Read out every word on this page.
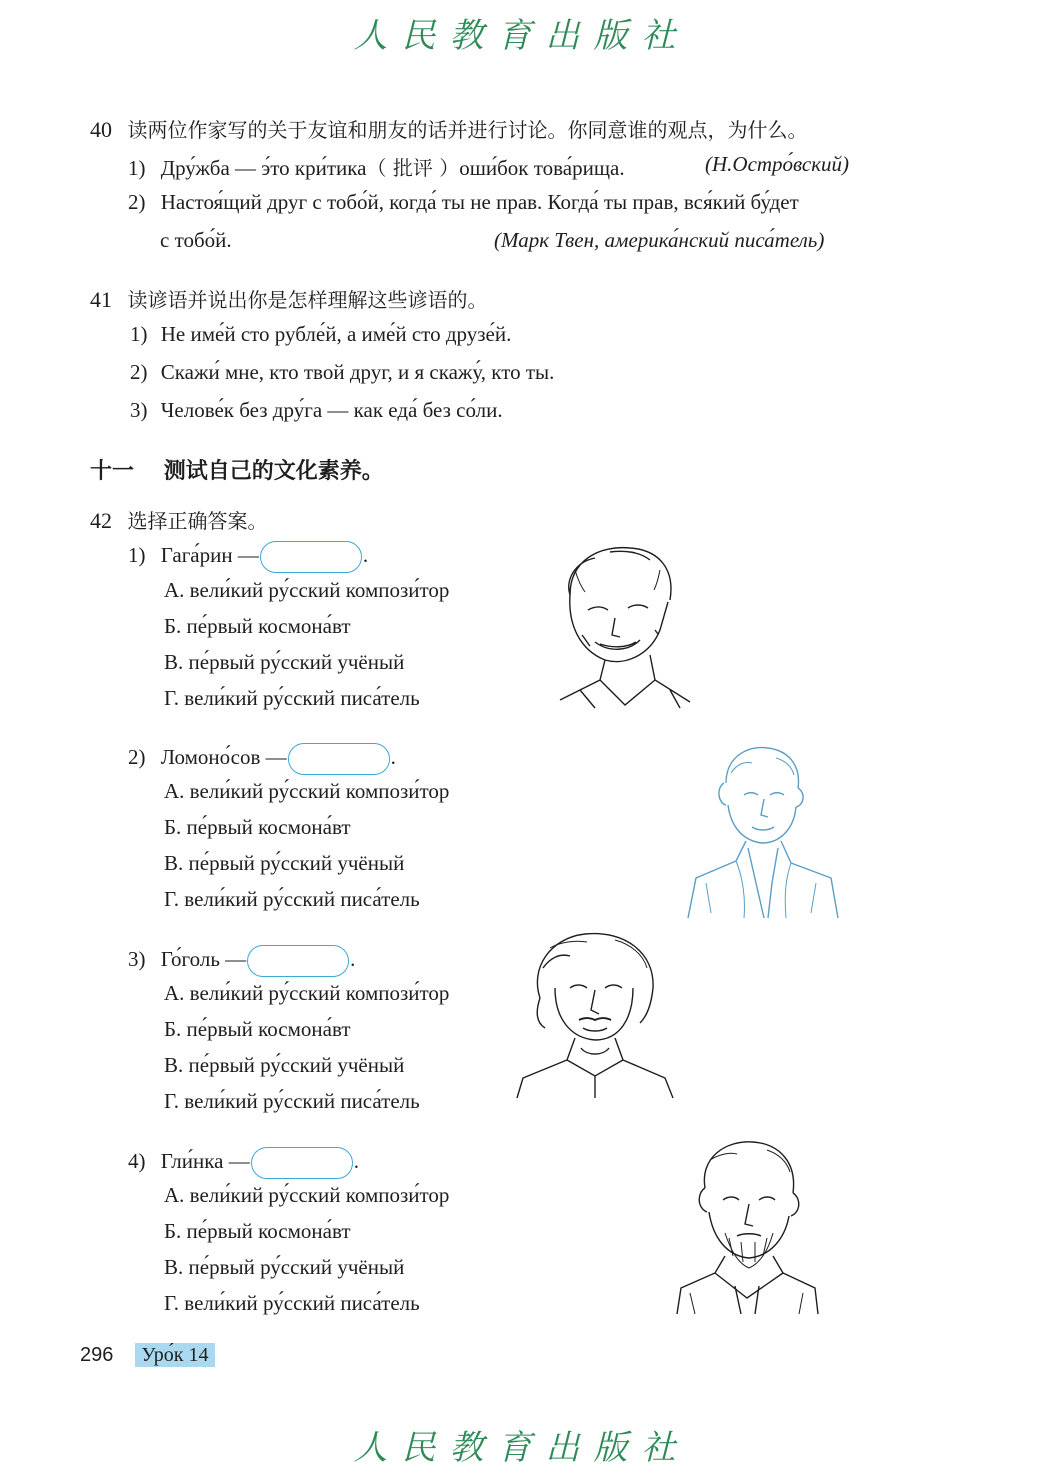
人民教育出版社
40 读两位作家写的关于友谊和朋友的话并进行讨论。你同意谁的观点，为什么。
1) Дру́жба — э́то кри́тика（ 批评 ）оши́бок това́рища.	(Н.Остро́вский)
2) Настоя́щий друг с тобо́й, когда́ ты не прав. Когда́ ты прав, вся́кий бу́дет
с тобо́й.	(Марк Твен, америка́нский писа́тель)
41 读谚语并说出你是怎样理解这些谚语的。
1) Не име́й сто рубле́й, а име́й сто друзе́й.
2) Скажи́ мне, кто твой друг, и я скажу́, кто ты.
3) Челове́к без дру́га — как еда́ без со́ли.
十一 测试自己的文化素养。
42 选择正确答案。
1) Гага́рин —	.
А. вели́кий ру́сский компози́тор
Б. пе́рвый космона́вт
В. пе́рвый ру́сский учёный
Г. вели́кий ру́сский писа́тель
2) Ломоно́сов —	.
А. вели́кий ру́сский компози́тор
Б. пе́рвый космона́вт
В. пе́рвый ру́сский учёный
Г. вели́кий ру́сский писа́тель
3) Го́голь —	.
А. вели́кий ру́сский компози́тор
Б. пе́рвый космона́вт
В. пе́рвый ру́сский учёный
Г. вели́кий ру́сский писа́тель
4) Гли́нка —	.
А. вели́кий ру́сский компози́тор
Б. пе́рвый космона́вт
В. пе́рвый ру́сский учёный
Г. вели́кий ру́сский писа́тель
296 Уро́к 14
人民教育出版社
